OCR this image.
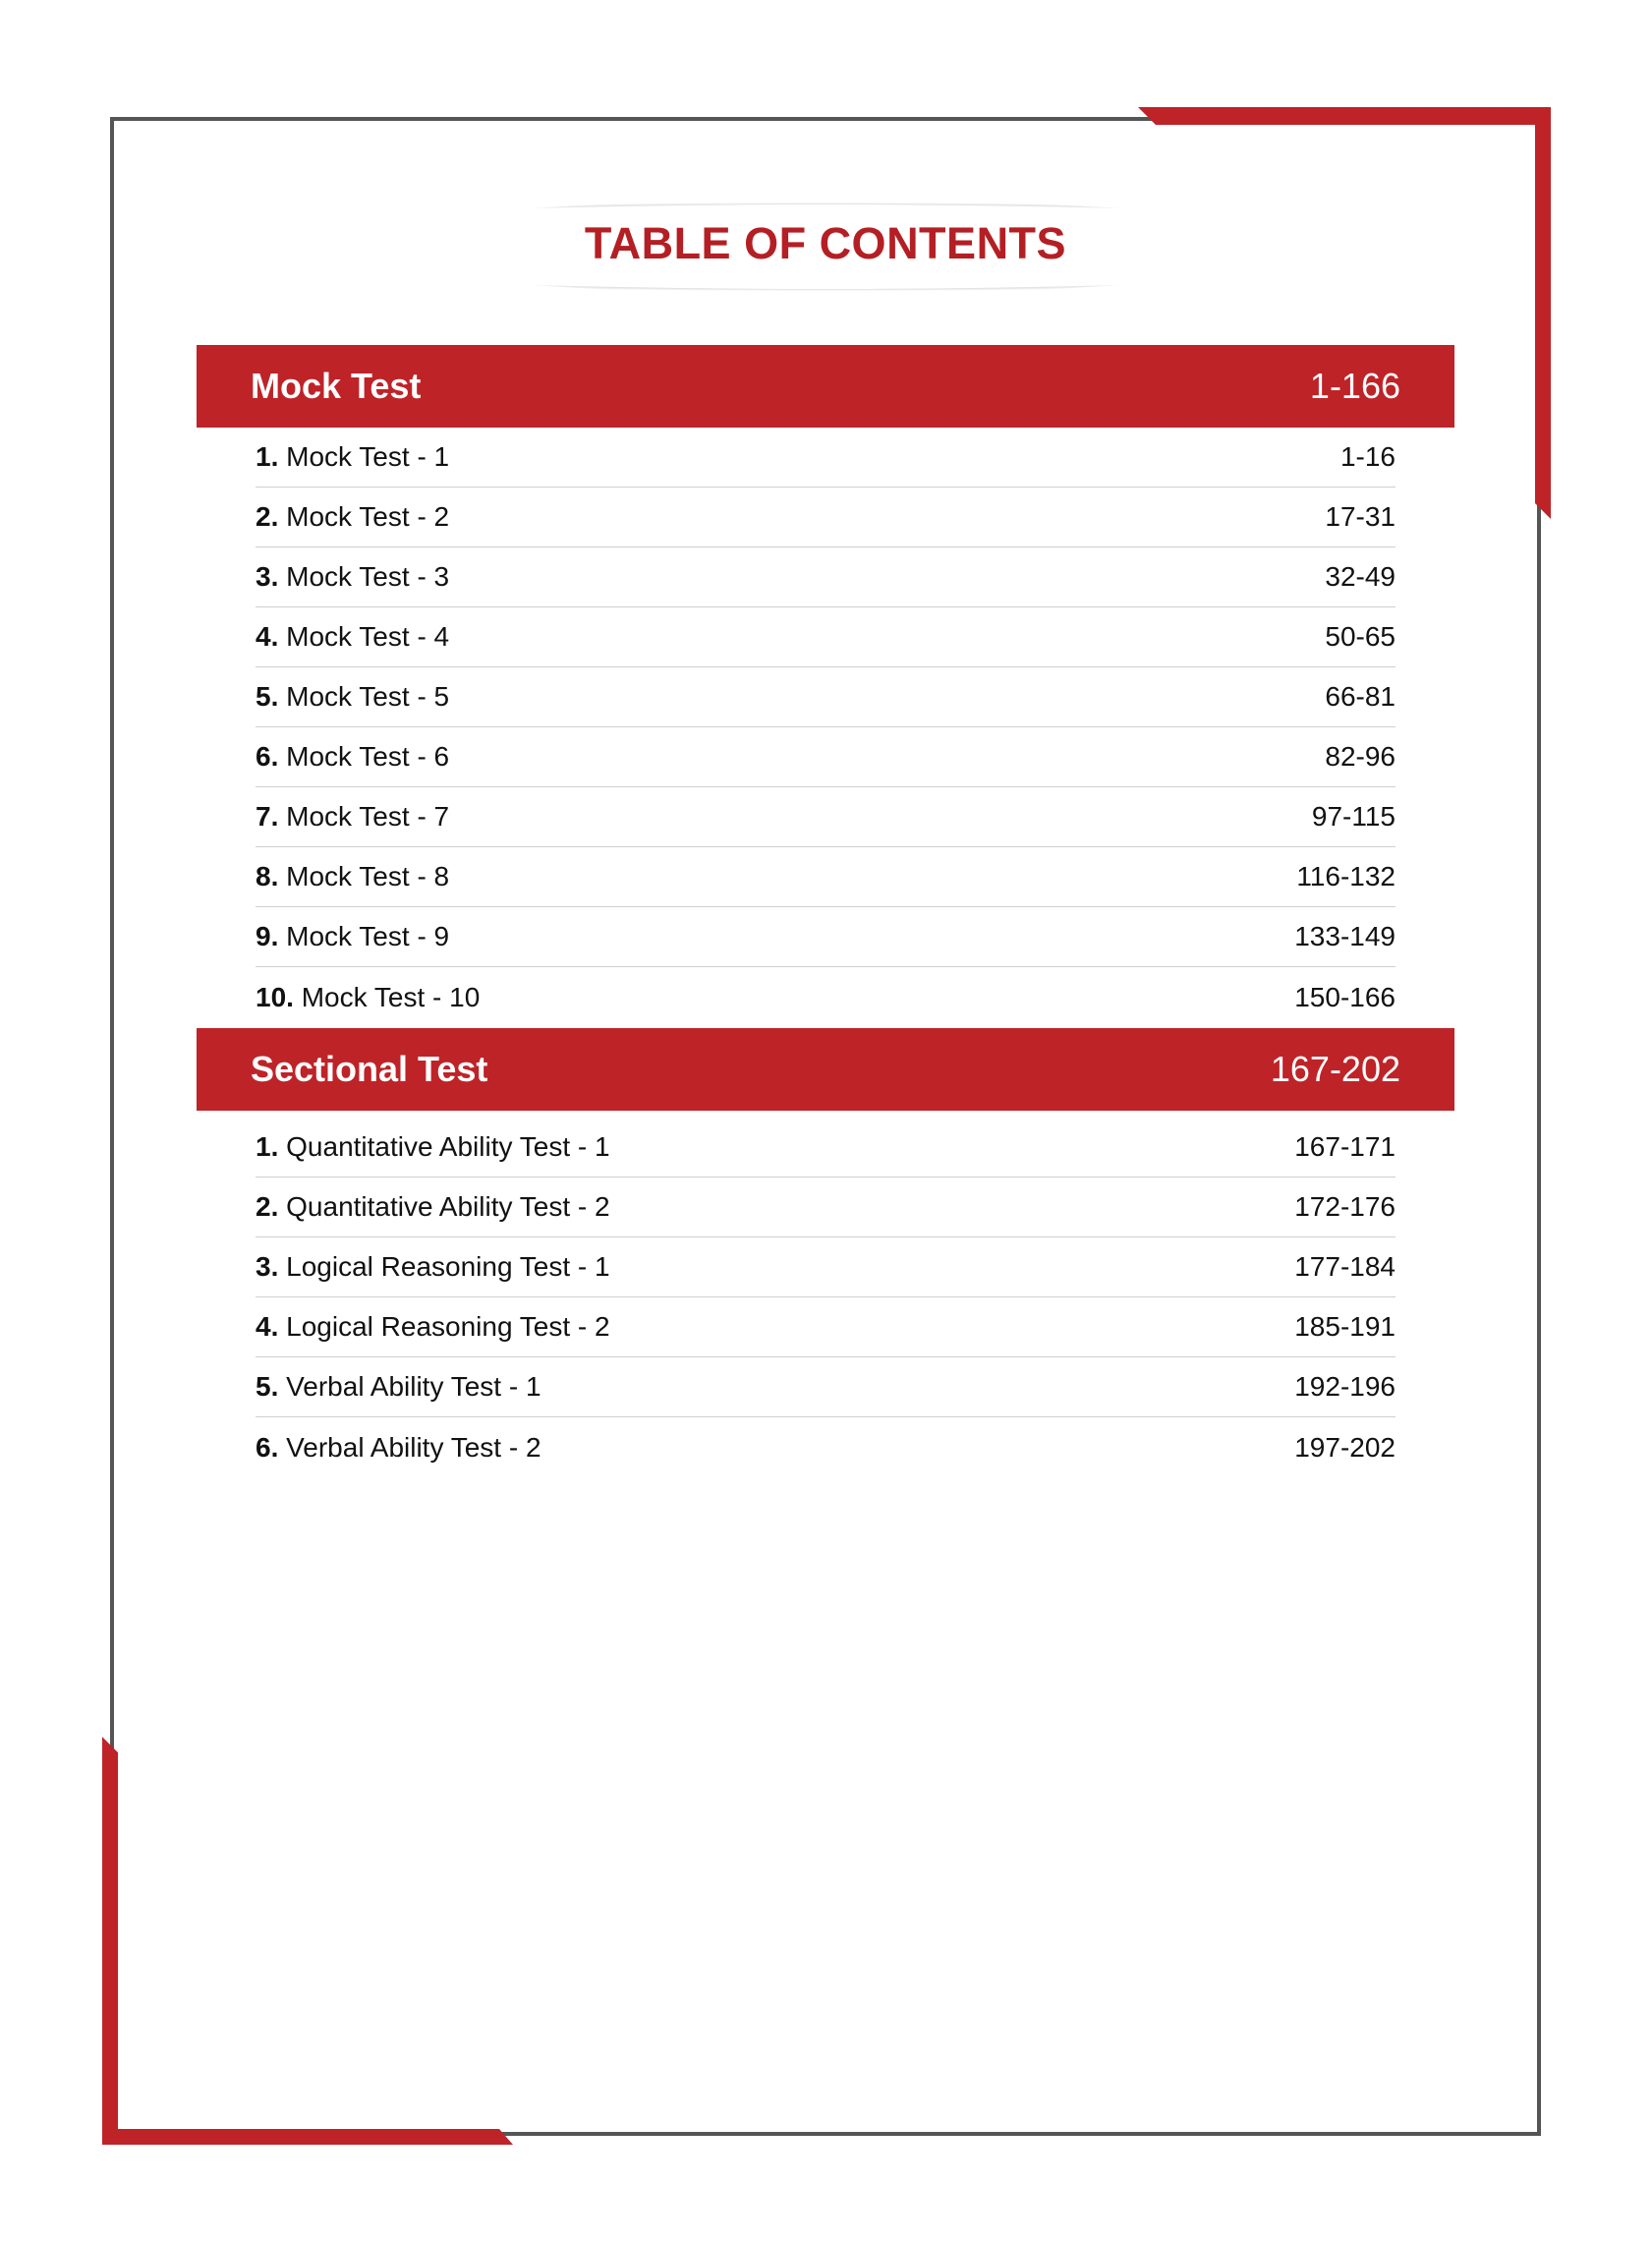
TABLE OF CONTENTS
Mock Test	1-166
1. Mock Test - 1	1-16
2. Mock Test - 2	17-31
3. Mock Test - 3	32-49
4. Mock Test - 4	50-65
5. Mock Test - 5	66-81
6. Mock Test - 6	82-96
7. Mock Test - 7	97-115
8. Mock Test - 8	116-132
9. Mock Test - 9	133-149
10. Mock Test - 10	150-166
Sectional Test	167-202
1. Quantitative Ability Test - 1	167-171
2. Quantitative Ability Test - 2	172-176
3. Logical Reasoning Test - 1	177-184
4. Logical Reasoning Test - 2	185-191
5. Verbal Ability Test - 1	192-196
6. Verbal Ability Test - 2	197-202
